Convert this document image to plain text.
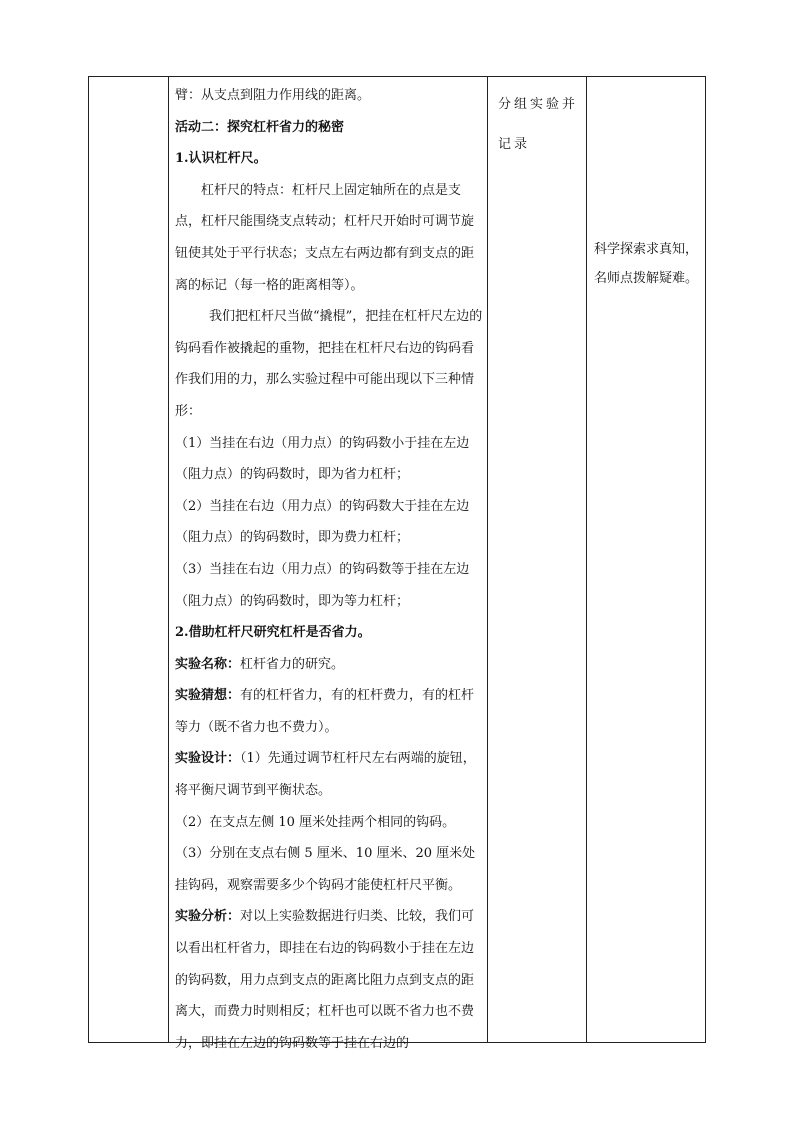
臂：从支点到阻力作用线的距离。

活动二：探究杠杆省力的秘密

1.认识杠杆尺。

杠杆尺的特点：杠杆尺上固定轴所在的点是支点，杠杆尺能围绕支点转动；杠杆尺开始时可调节旋钮使其处于平行状态；支点左右两边都有到支点的距离的标记（每一格的距离相等）。

我们把杠杆尺当做“撬棍”，把挂在杠杆尺左边的钩码看作被撬起的重物，把挂在杠杆尺右边的钩码看作我们用的力，那么实验过程中可能出现以下三种情形：

（1）当挂在右边（用力点）的钩码数小于挂在左边（阻力点）的钩码数时，即为省力杠杆；

（2）当挂在右边（用力点）的钩码数大于挂在左边（阻力点）的钩码数时，即为费力杠杆；

（3）当挂在右边（用力点）的钩码数等于挂在左边（阻力点）的钩码数时，即为等力杠杆；

2.借助杠杆尺研究杠杆是否省力。

实验名称：杠杆省力的研究。

实验猜想：有的杠杆省力，有的杠杆费力，有的杠杆等力（既不省力也不费力）。

实验设计：（1）先通过调节杠杆尺左右两端的旋钮，将平衡尺调节到平衡状态。

（2）在支点左侧 10 厘米处挂两个相同的钩码。

（3）分别在支点右侧 5 厘米、10 厘米、20 厘米处挂钩码，观察需要多少个钩码才能使杠杆尺平衡。

实验分析：对以上实验数据进行归类、比较，我们可以看出杠杆省力，即挂在右边的钩码数小于挂在左边的钩码数，用力点到支点的距离比阻力点到支点的距离大，而费力时则相反；杠杆也可以既不省力也不费力，即挂在左边的钩码数等于挂在右边的

分组实验并

记录

科学探索求真知，

名师点拨解疑难。
